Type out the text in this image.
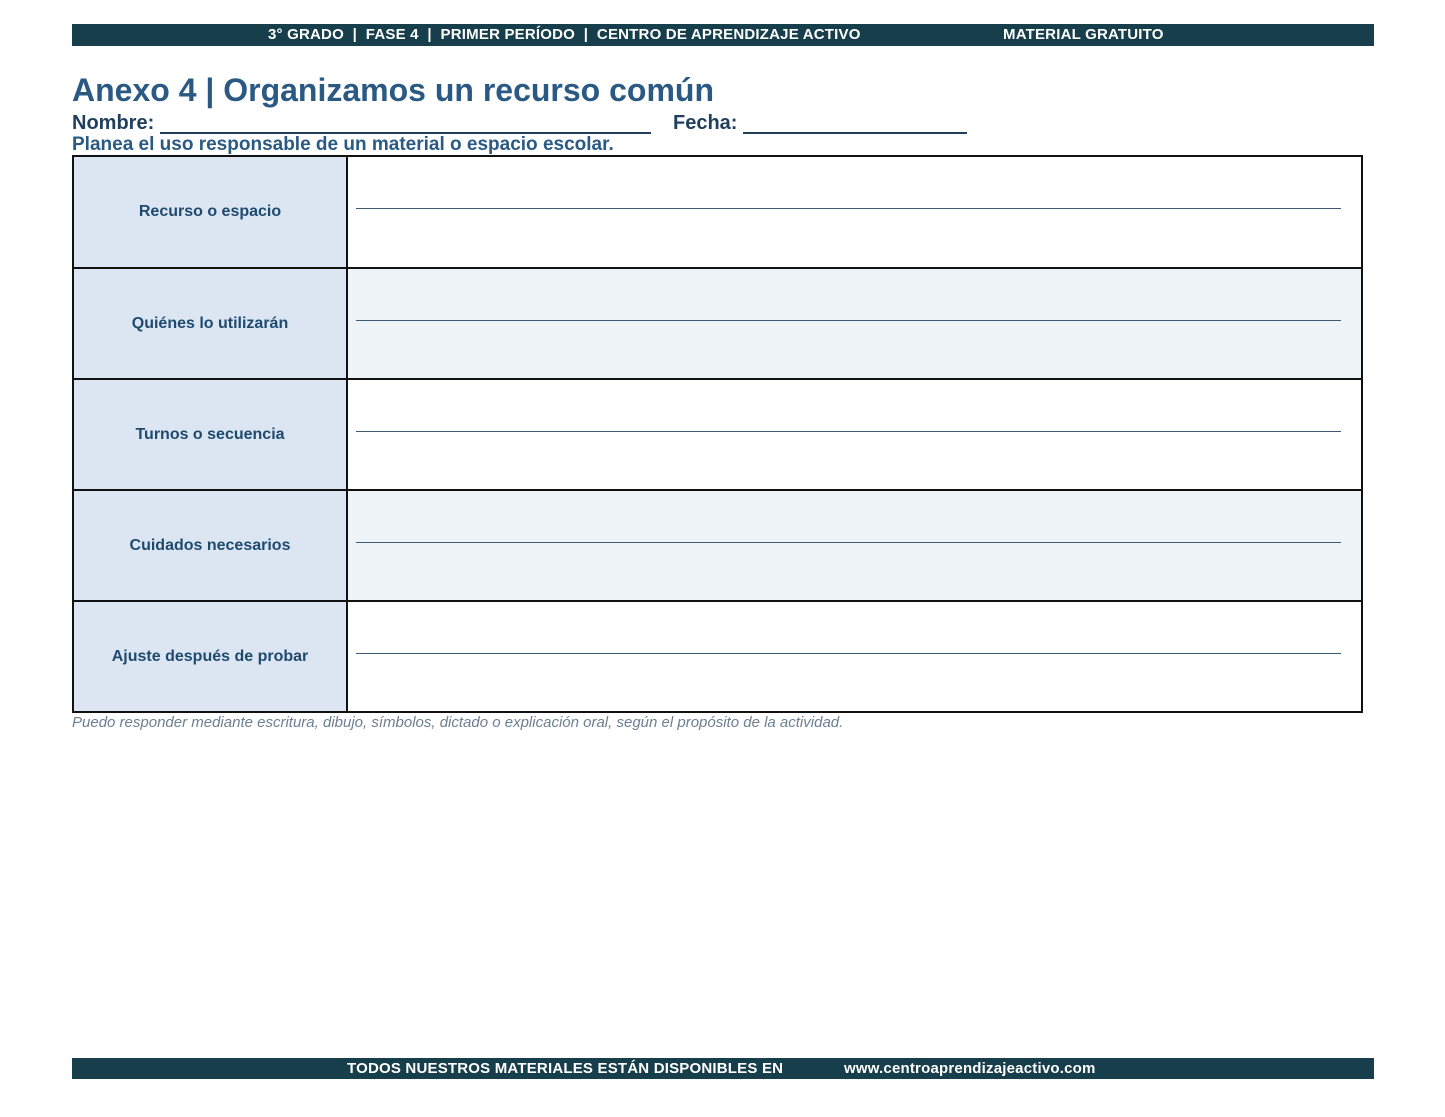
3° GRADO  |  FASE 4  |  PRIMER PERÍODO  |  CENTRO DE APRENDIZAJE ACTIVO	MATERIAL GRATUITO
Anexo 4 | Organizamos un recurso común
Nombre:	Fecha:
Planea el uso responsable de un material o espacio escolar.
Recurso o espacio
Quiénes lo utilizarán
Turnos o secuencia
Cuidados necesarios
Ajuste después de probar
Puedo responder mediante escritura, dibujo, símbolos, dictado o explicación oral, según el propósito de la actividad.
TODOS NUESTROS MATERIALES ESTÁN DISPONIBLES EN	www.centroaprendizajeactivo.com
